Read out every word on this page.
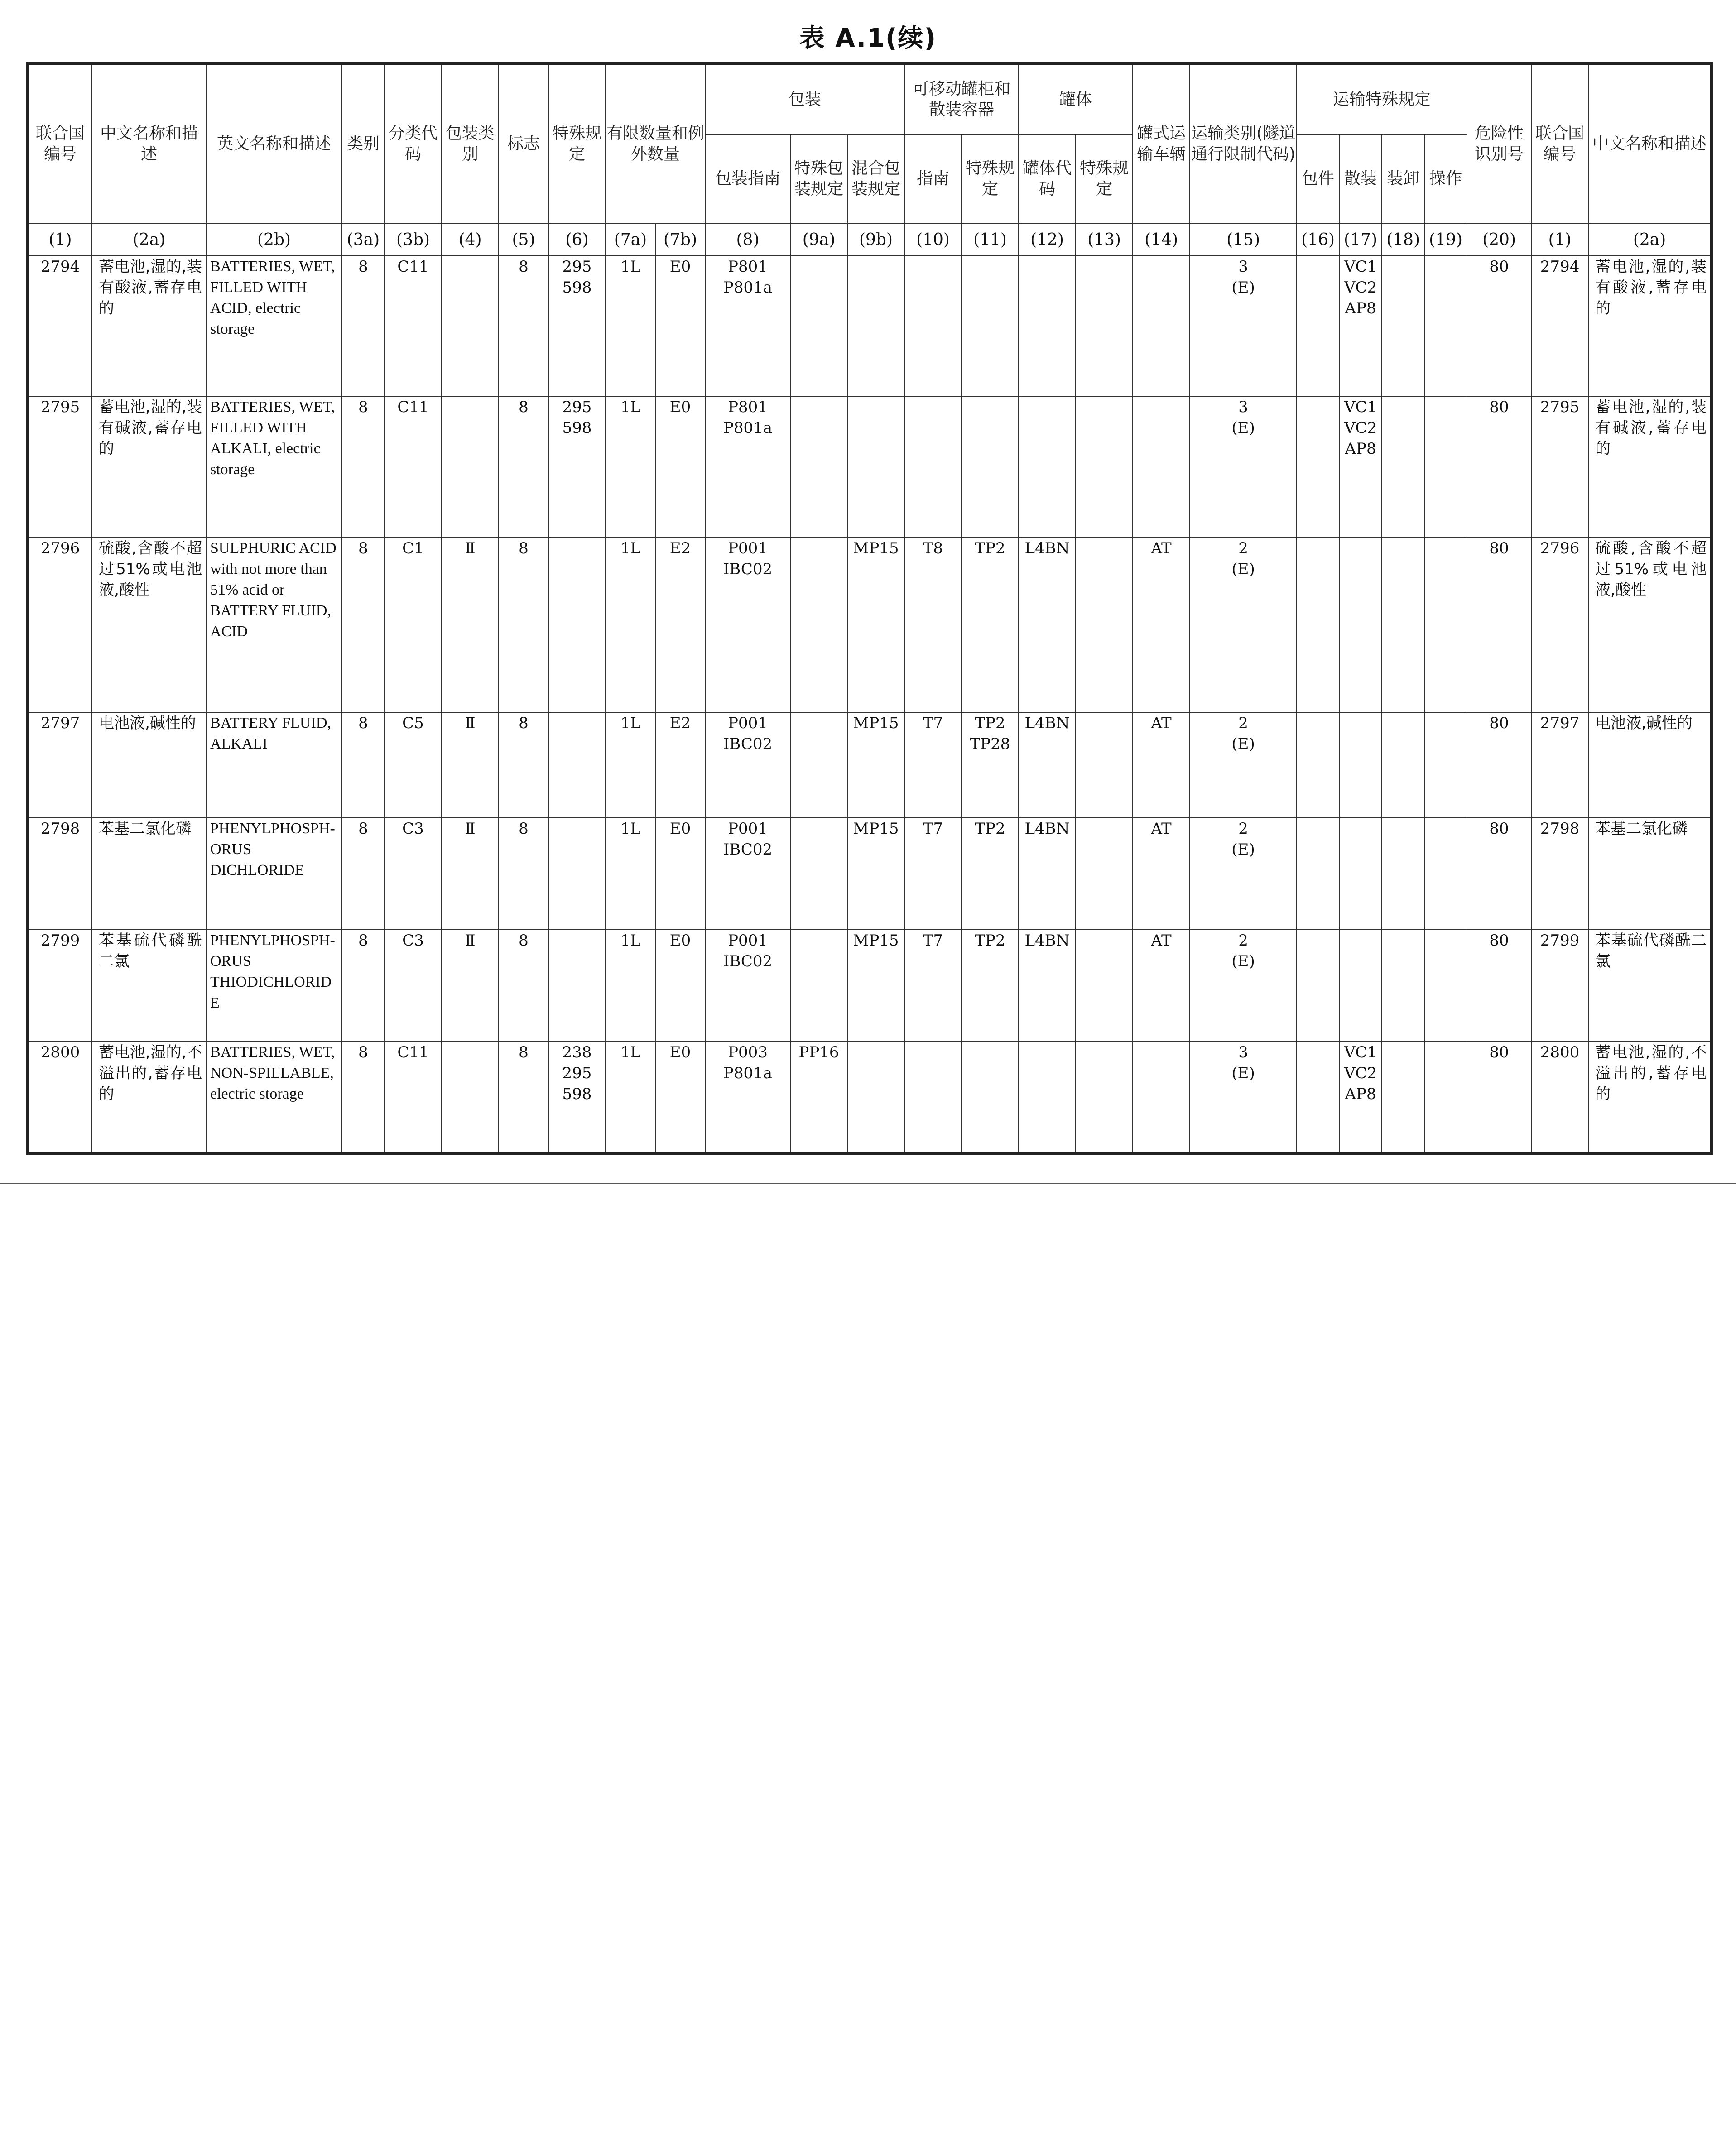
表 A.1(续)
联合国编号	中文名称和描述	英文名称和描述	类别	分类代码	包装类别	标志	特殊规定	有限数量和例外数量		包装			可移动罐柜和散装容器		罐体		罐式运输车辆	运输类别(隧道通行限制代码)	运输特殊规定				危险性识别号	联合国编号	中文名称和描述
										包装指南	特殊包装规定	混合包装规定	指南	特殊规定	罐体代码	特殊规定			包件	散装	装卸	操作			
(1)	(2a)	(2b)	(3a)	(3b)	(4)	(5)	(6)	(7a)	(7b)	(8)	(9a)	(9b)	(10)	(11)	(12)	(13)	(14)	(15)	(16)	(17)	(18)	(19)	(20)	(1)	(2a)
2794	蓄电池,湿的,装有酸液,蓄存电的	BATTERIES, WET, FILLED WITH ACID, electric storage	8	C11		8	295
598	1L	E0	P801
P801a								3
(E)		VC1
VC2
AP8			80	2794	蓄电池,湿的,装有酸液,蓄存电的
2795	蓄电池,湿的,装有碱液,蓄存电的	BATTERIES, WET, FILLED WITH ALKALI, electric storage	8	C11		8	295
598	1L	E0	P801
P801a								3
(E)		VC1
VC2
AP8			80	2795	蓄电池,湿的,装有碱液,蓄存电的
2796	硫酸,含酸不超过51%或电池液,酸性	SULPHURIC ACID with not more than 51% acid or BATTERY FLUID, ACID	8	C1	Ⅱ	8		1L	E2	P001
IBC02		MP15	T8	TP2	L4BN		AT	2
(E)					80	2796	硫酸,含酸不超过51%或电池液,酸性
2797	电池液,碱性的	BATTERY FLUID, ALKALI	8	C5	Ⅱ	8		1L	E2	P001
IBC02		MP15	T7	TP2
TP28	L4BN		AT	2
(E)					80	2797	电池液,碱性的
2798	苯基二氯化磷	PHENYLPHOSPH-ORUS DICHLORIDE	8	C3	Ⅱ	8		1L	E0	P001
IBC02		MP15	T7	TP2	L4BN		AT	2
(E)					80	2798	苯基二氯化磷
2799	苯基硫代磷酰二氯	PHENYLPHOSPH-ORUS THIODICHLORIDE	8	C3	Ⅱ	8		1L	E0	P001
IBC02		MP15	T7	TP2	L4BN		AT	2
(E)					80	2799	苯基硫代磷酰二氯
2800	蓄电池,湿的,不溢出的,蓄存电的	BATTERIES, WET, NON-SPILLABLE, electric storage	8	C11		8	238
295
598	1L	E0	P003
P801a	PP16							3
(E)		VC1
VC2
AP8			80	2800	蓄电池,湿的,不溢出的,蓄存电的
